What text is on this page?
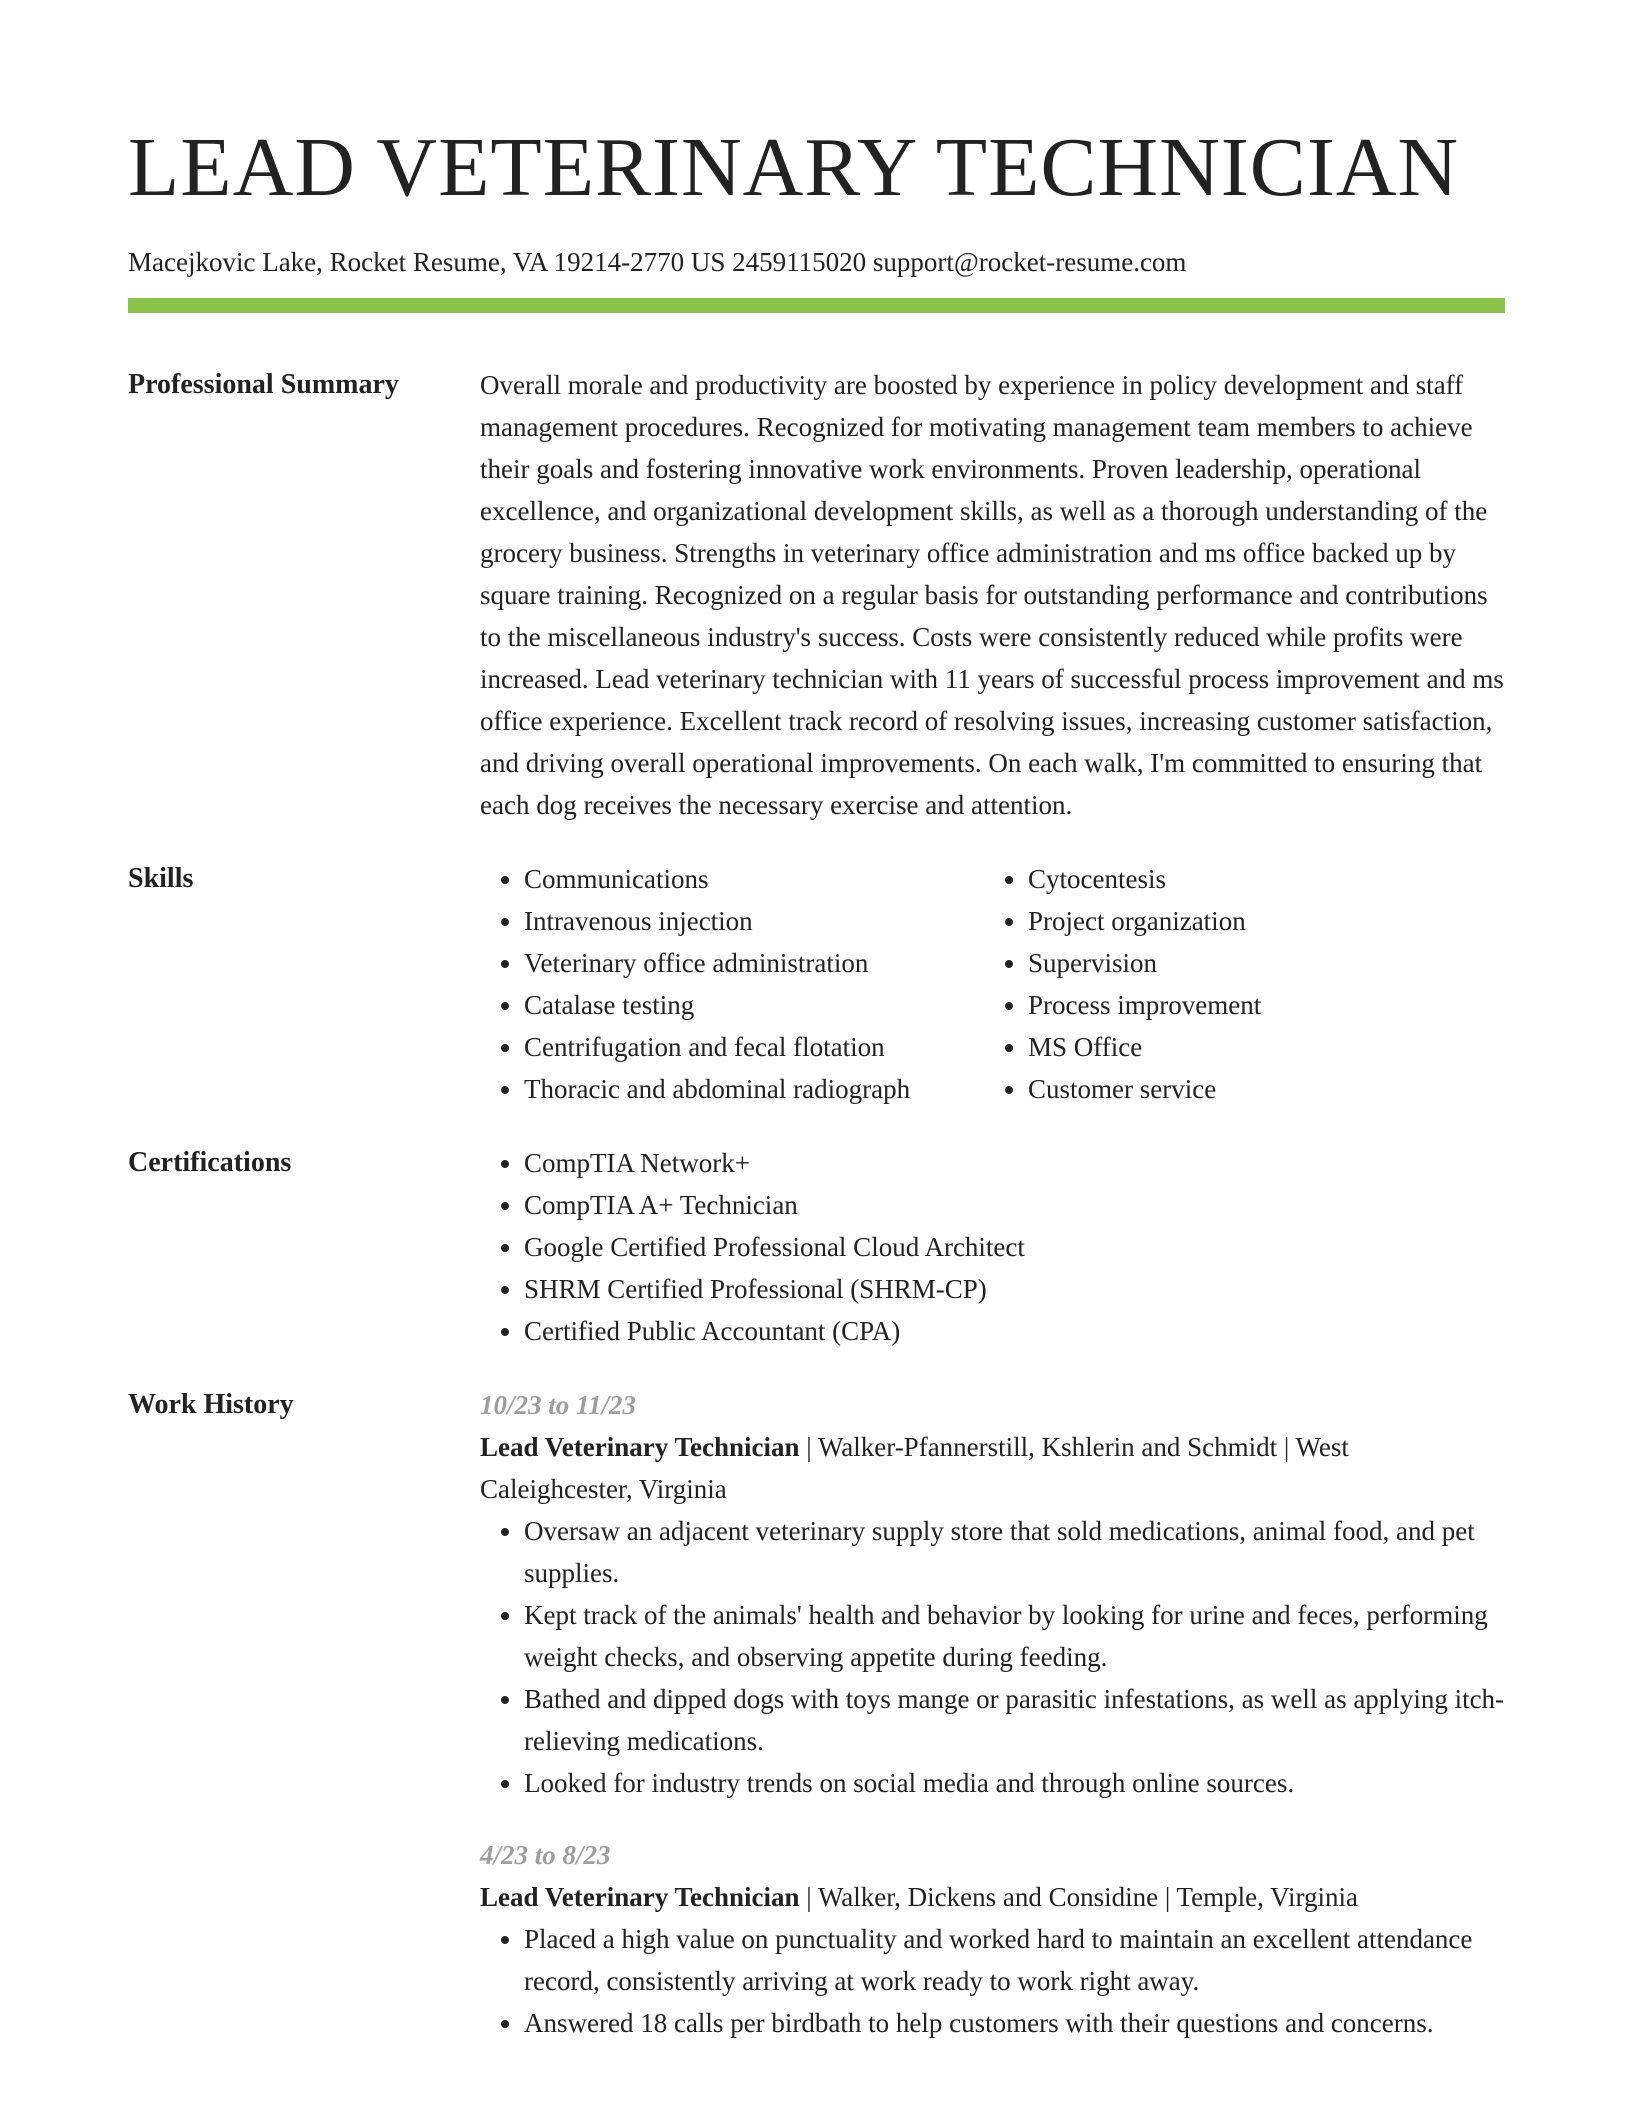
LEAD VETERINARY TECHNICIAN
Macejkovic Lake, Rocket Resume, VA 19214-2770 US 2459115020 support@rocket-resume.com
Professional Summary	Overall morale and productivity are boosted by experience in policy development and staff management procedures. Recognized for motivating management team members to achieve their goals and fostering innovative work environments. Proven leadership, operational excellence, and organizational development skills, as well as a thorough understanding of the grocery business. Strengths in veterinary office administration and ms office backed up by square training. Recognized on a regular basis for outstanding performance and contributions to the miscellaneous industry's success. Costs were consistently reduced while profits were increased. Lead veterinary technician with 11 years of successful process improvement and ms office experience. Excellent track record of resolving issues, increasing customer satisfaction, and driving overall operational improvements. On each walk, I'm committed to ensuring that each dog receives the necessary exercise and attention.

Skills	• Communications
• Intravenous injection
• Veterinary office administration
• Catalase testing
• Centrifugation and fecal flotation
• Thoracic and abdominal radiograph
• Cytocentesis
• Project organization
• Supervision
• Process improvement
• MS Office
• Customer service
Certifications	• CompTIA Network+
• CompTIA A+ Technician
• Google Certified Professional Cloud Architect
• SHRM Certified Professional (SHRM-CP)
• Certified Public Accountant (CPA)
Work History	10/23 to 11/23
Lead Veterinary Technician | Walker-Pfannerstill, Kshlerin and Schmidt | West Caleighcester, Virginia
• Oversaw an adjacent veterinary supply store that sold medications, animal food, and pet supplies.
• Kept track of the animals' health and behavior by looking for urine and feces, performing weight checks, and observing appetite during feeding.
• Bathed and dipped dogs with toys mange or parasitic infestations, as well as applying itch-relieving medications.
• Looked for industry trends on social media and through online sources.
4/23 to 8/23
Lead Veterinary Technician | Walker, Dickens and Considine | Temple, Virginia
• Placed a high value on punctuality and worked hard to maintain an excellent attendance record, consistently arriving at work ready to work right away.
• Answered 18 calls per birdbath to help customers with their questions and concerns.
